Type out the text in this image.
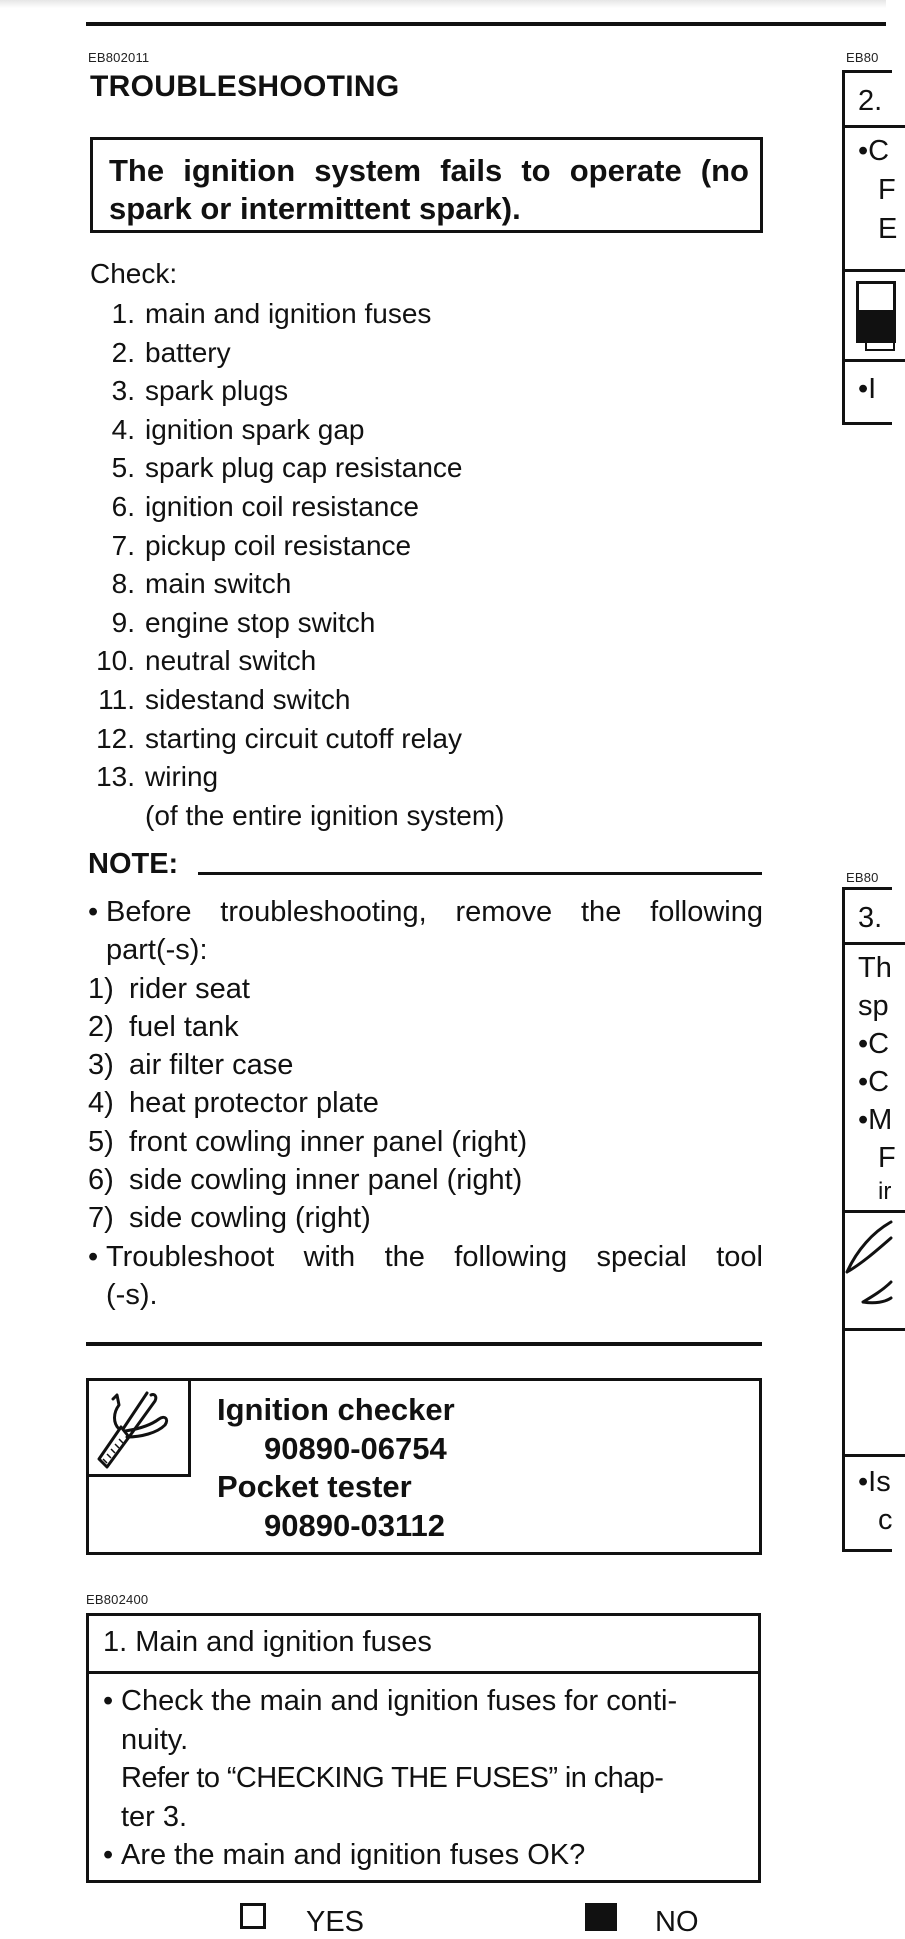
EB802011
TROUBLESHOOTING
The ignition system fails to operate (no spark or intermittent spark).
Check:
1. main and ignition fuses
2. battery
3. spark plugs
4. ignition spark gap
5. spark plug cap resistance
6. ignition coil resistance
7. pickup coil resistance
8. main switch
9. engine stop switch
10. neutral switch
11. sidestand switch
12. starting circuit cutoff relay
13. wiring
(of the entire ignition system)
NOTE:
• Before troubleshooting, remove the following
part(-s):
1) rider seat
2) fuel tank
3) air filter case
4) heat protector plate
5) front cowling inner panel (right)
6) side cowling inner panel (right)
7) side cowling (right)
• Troubleshoot with the following special tool
(-s).
Ignition checker
90890-06754
Pocket tester
90890-03112
EB802400
1. Main and ignition fuses
• Check the main and ignition fuses for conti-
nuity.
Refer to “CHECKING THE FUSES” in chap-
ter 3.
• Are the main and ignition fuses OK?
YES	NO
EB80
2.
•C
F
E
•I
EB80
3.
Th
sp
•C
•C
•M
F
ir
•Is
c
